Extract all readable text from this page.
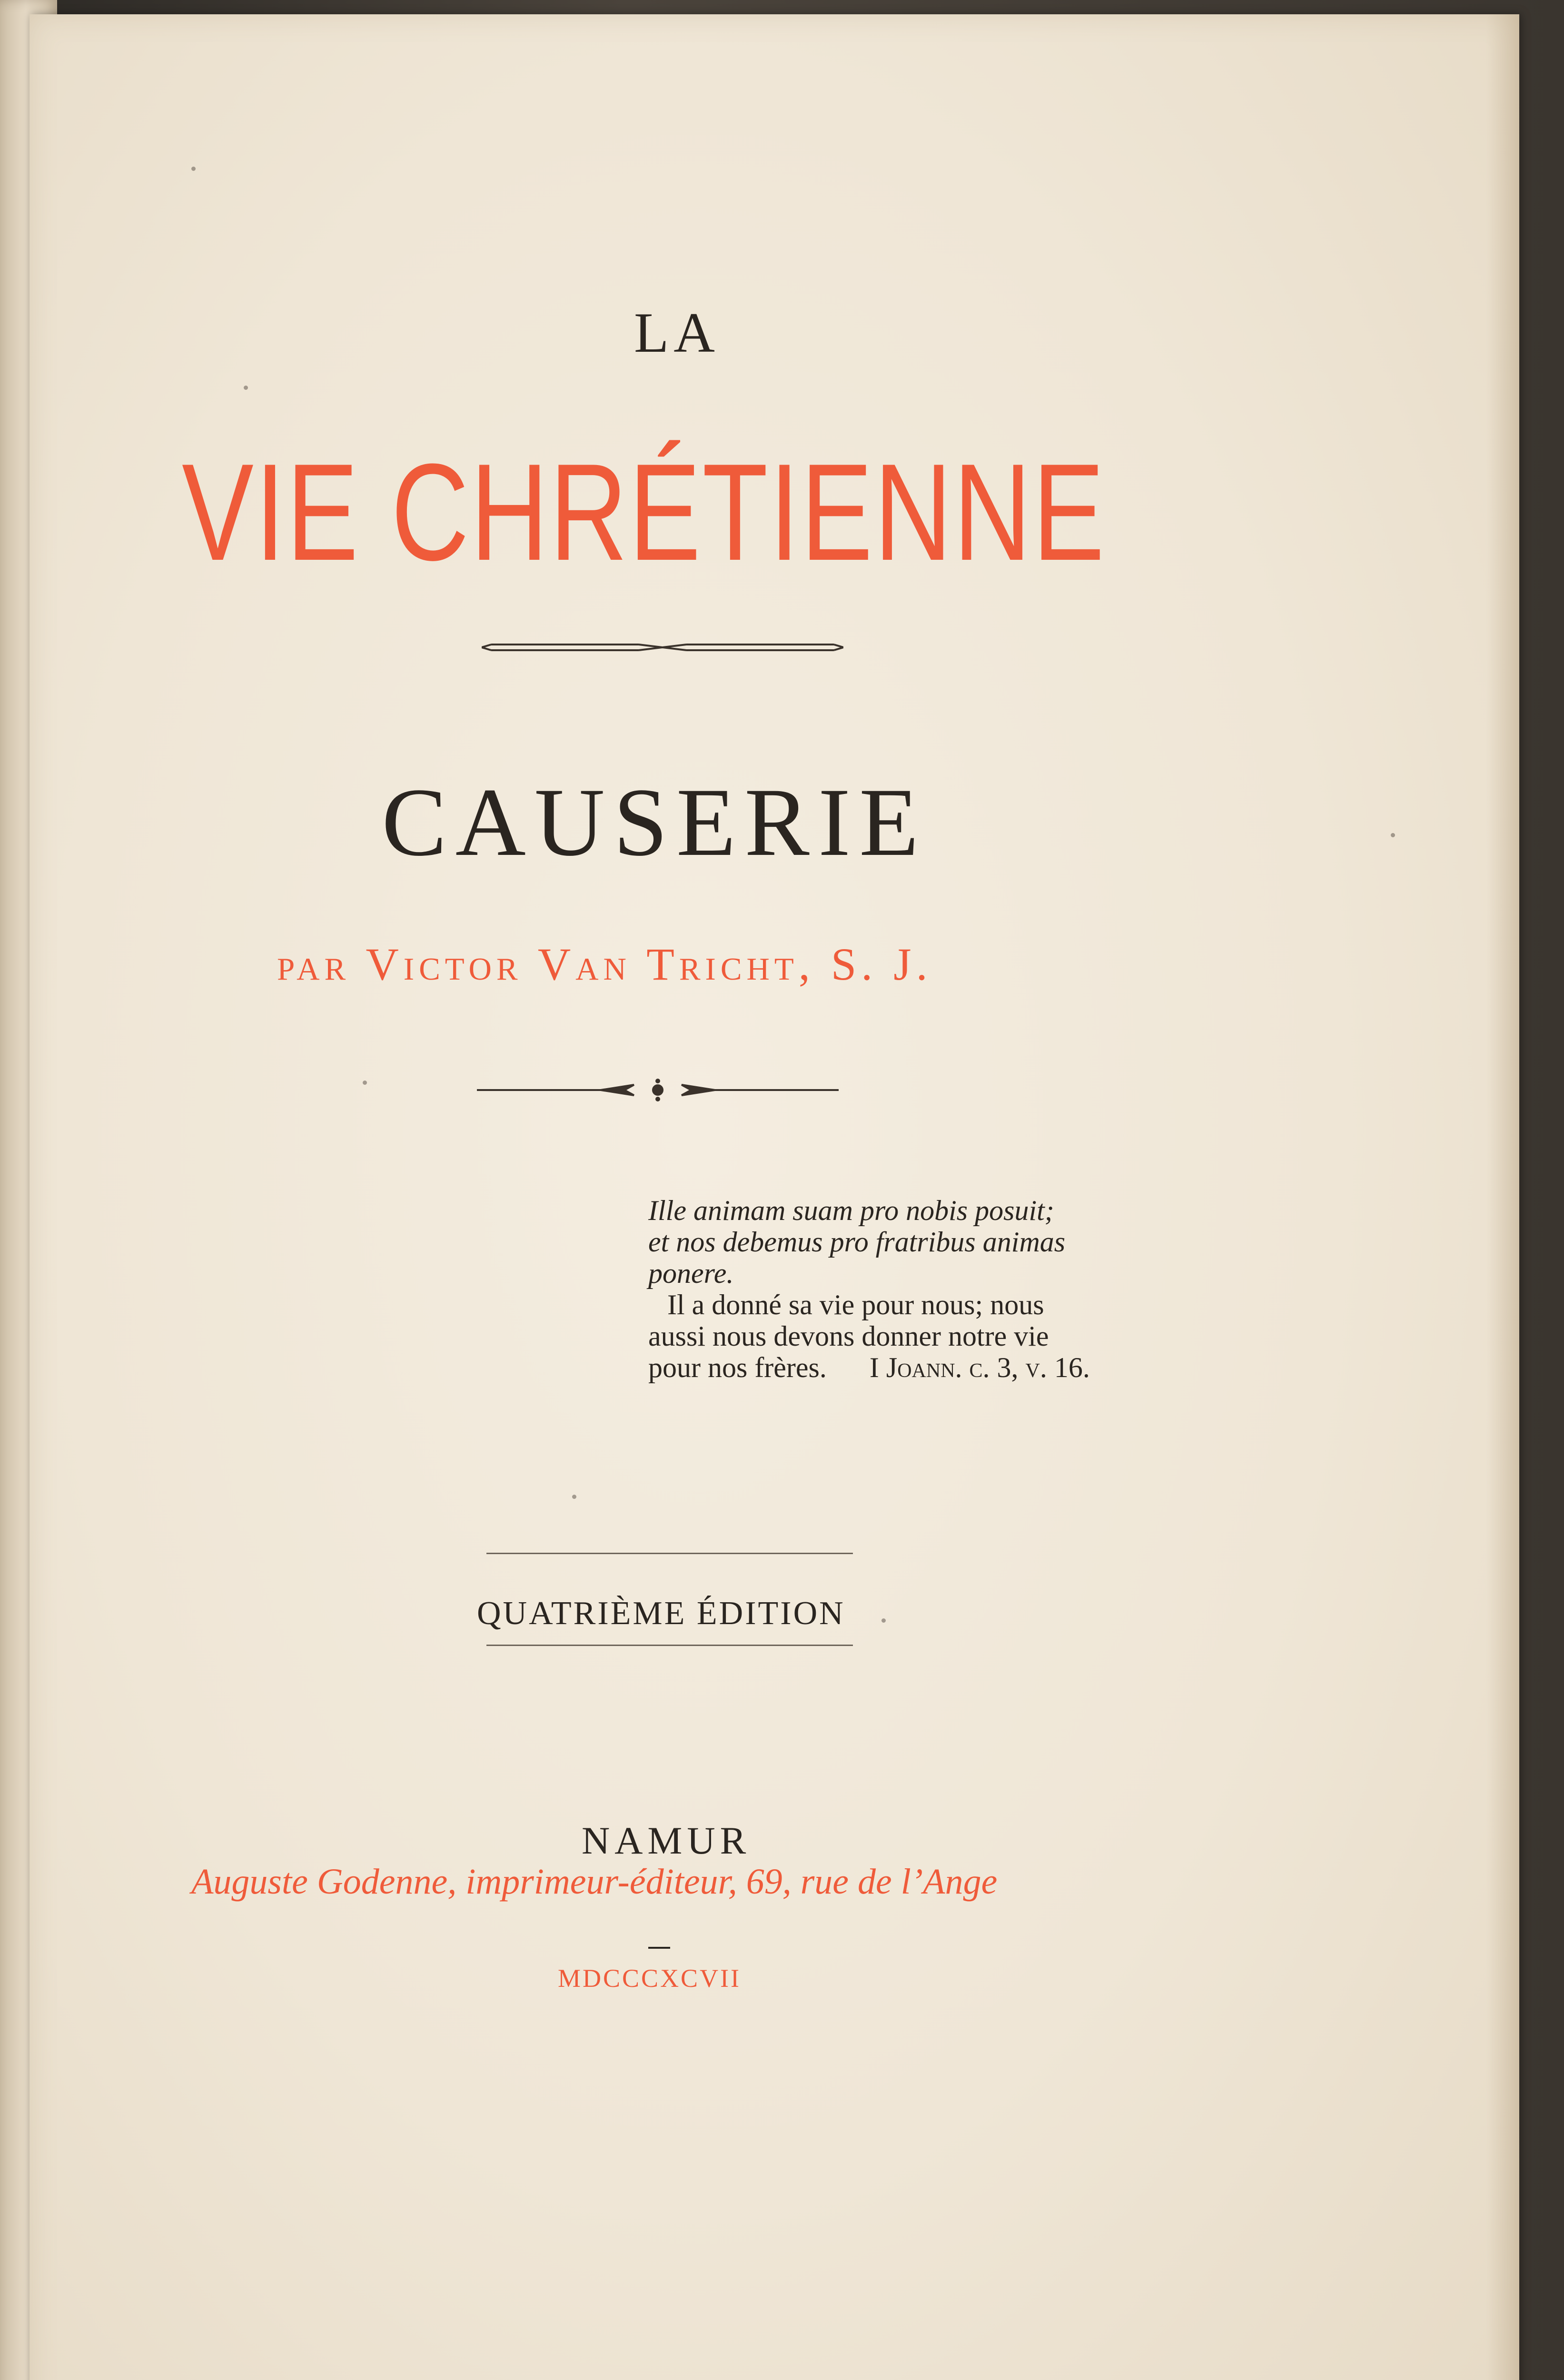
LA
VIE CHRÉTIENNE
CAUSERIE
par Victor Van Tricht, S. J.
Ille animam suam pro nobis posuit;
et nos debemus pro fratribus animas
ponere.
Il a donné sa vie pour nous; nous
aussi nous devons donner notre vie
pour nos frères. I Joann. c. 3, v. 16.
QUATRIÈME ÉDITION
NAMUR
Auguste Godenne, imprimeur-éditeur, 69, rue de l’Ange
MDCCCXCVII
